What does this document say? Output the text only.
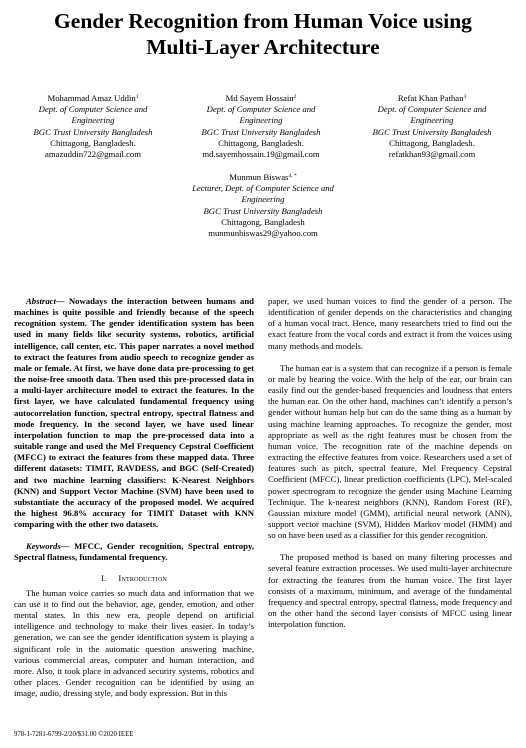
Gender Recognition from Human Voice using
Multi-Layer Architecture
Mohammad Amaz Uddin$^1$
Dept. of Computer Science and
Engineering
BGC Trust University Bangladesh
Chittagong, Bangladesh.
amazuddin722@gmail.com
Md Sayem Hossain$^2$
Dept. of Computer Science and
Engineering
BGC Trust University Bangladesh
Chittagong, Bangladesh.
md.sayemhossain.19@gmail.com
Refat Khan Pathan$^3$
Dept. of Computer Science and
Engineering
BGC Trust University Bangladesh
Chittagong, Bangladesh.
refatkhan93@gmail.com
Munmun Biswas$^{4, *}$
Lecturer, Dept. of Computer Science and
Engineering
BGC Trust University Bangladesh
Chittagong, Bangladesh
munmunbiswas29@yahoo.com

Abstract— Nowadays the interaction between humans and machines is quite possible and friendly because of the speech recognition system. The gender identification system has been used in many fields like security systems, robotics, artificial intelligence, call center, etc. This paper narrates a novel method to extract the features from audio speech to recognize gender as male or female. At first, we have done data pre-processing to get the noise-free smooth data. Then used this pre-processed data in a multi-layer architecture model to extract the features. In the first layer, we have calculated fundamental frequency using autocorrelation function, spectral entropy, spectral flatness and mode frequency. In the second layer, we have used linear interpolation function to map the pre-processed data into a suitable range and used the Mel Frequency Cepstral Coefficient (MFCC) to extract the features from these mapped data. Three different datasets: TIMIT, RAVDESS, and BGC (Self-Created) and two machine learning classifiers: K-Nearest Neighbors (KNN) and Support Vector Machine (SVM) have been used to substantiate the accuracy of the proposed model. We acquired the highest 96.8% accuracy for TIMIT Dataset with KNN comparing with the other two datasets.

Keywords— MFCC, Gender recognition, Spectral entropy, Spectral flatness, fundamental frequency.

I. Introduction

The human voice carries so much data and information that we can use it to find out the behavior, age, gender, emotion, and other mental states. In this new era, people depend on artificial intelligence and technology to make their lives easier. In today’s generation, we can see the gender identification system is playing a significant role in the automatic question answering machine, various commercial areas, computer and human interaction, and more. Also, it took place in advanced security systems, robotics and other places. Gender recognition can be identified by using an image, audio, dressing style, and body expression. But in this

paper, we used human voices to find the gender of a person. The identification of gender depends on the characteristics and changing of a human vocal tract. Hence, many researchers tried to find out the exact feature from the vocal cords and extract it from the voices using many methods and models.

The human ear is a system that can recognize if a person is female or male by hearing the voice. With the help of the ear, our brain can easily find out the gender-based frequencies and loudness that enters the human ear. On the other hand, machines can’t identify a person’s gender without human help but can do the same thing as a human by using machine learning approaches. To recognize the gender, most appropriate as well as the right features must be chosen from the human voice. The recognition rate of the machine depends on extracting the effective features from voice. Researchers used a set of features such as pitch, spectral feature, Mel Frequency Cepstral Coefficient (MFCC), linear prediction coefficients (LPC), Mel-scaled power spectrogram to recognize the gender using Machine Learning Technique. The k-nearest neighbors (KNN), Random Forest (RF), Gaussian mixture model (GMM), artificial neural network (ANN), support vector machine (SVM), Hidden Markov model (HMM) and so on have been used as a classifier for this gender recognition.

The proposed method is based on many filtering processes and several feature extraction processes. We used multi-layer architecture for extracting the features from the human voice. The first layer consists of a maximum, minimum, and average of the fundamental frequency and spectral entropy, spectral flatness, mode frequency and on the other hand the second layer consists of MFCC using linear interpolation function.

978-1-7281-6799-2/20/$31.00 ©2020 IEEE
